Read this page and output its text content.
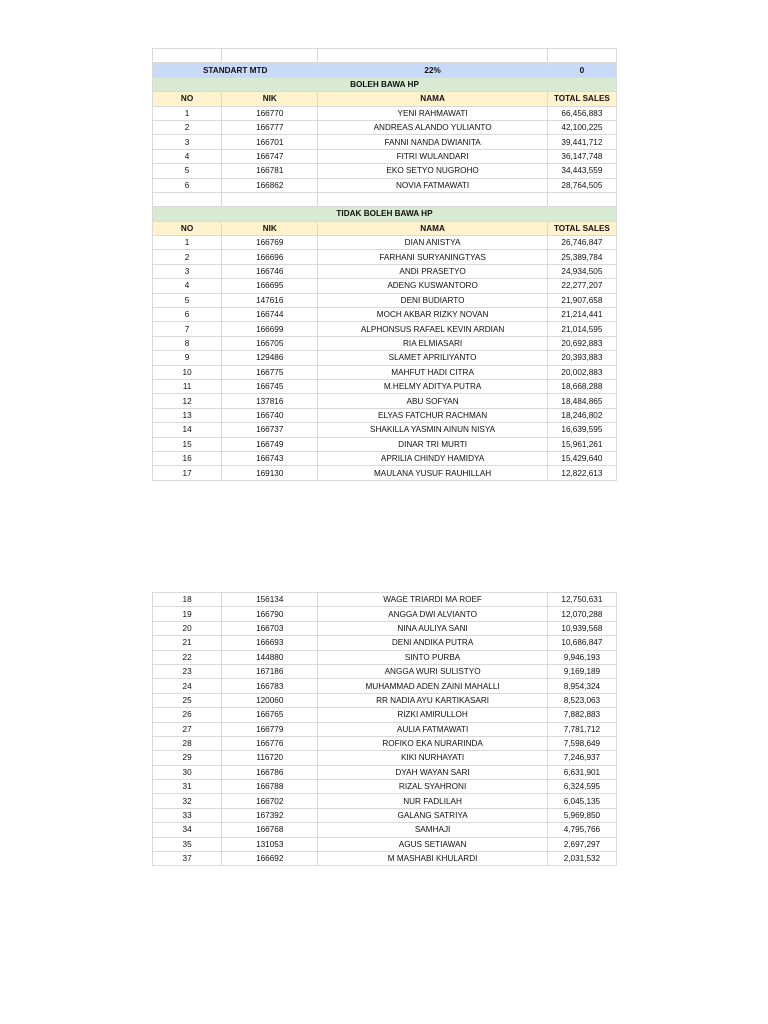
STANDART MTD		22%	0
BOLEH BAWA HP			
NO	NIK	NAMA	TOTAL SALES
1	166770	YENI RAHMAWATI	66,456,883
2	166777	ANDREAS ALANDO YULIANTO	42,100,225
3	166701	FANNI NANDA DWIANITA	39,441,712
4	166747	FITRI WULANDARI	36,147,748
5	166781	EKO SETYO NUGROHO	34,443,559
6	166862	NOVIA FATMAWATI	28,764,505

TIDAK BOLEH BAWA HP			
NO	NIK	NAMA	TOTAL SALES
1	166769	DIAN ANISTYA	26,746,847
2	166696	FARHANI SURYANINGTYAS	25,389,784
3	166746	ANDI PRASETYO	24,934,505
4	166695	ADENG KUSWANTORO	22,277,207
5	147616	DENI BUDIARTO	21,907,658
6	166744	MOCH AKBAR RIZKY NOVAN	21,214,441
7	166699	ALPHONSUS RAFAEL KEVIN ARDIAN	21,014,595
8	166705	RIA ELMIASARI	20,692,883
9	129486	SLAMET APRILIYANTO	20,393,883
10	166775	MAHFUT HADI CITRA	20,002,883
11	166745	M.HELMY ADITYA PUTRA	18,668,288
12	137816	ABU SOFYAN	18,484,865
13	166740	ELYAS FATCHUR RACHMAN	18,246,802
14	166737	SHAKILLA YASMIN AINUN NISYA	16,639,595
15	166749	DINAR TRI MURTI	15,961,261
16	166743	APRILIA CHINDY HAMIDYA	15,429,640
17	169130	MAULANA YUSUF RAUHILLAH	12,822,613
18	156134	WAGE TRIARDI MA ROEF	12,750,631
19	166790	ANGGA DWI ALVIANTO	12,070,288
20	166703	NINA AULIYA SANI	10,939,568
21	166693	DENI ANDIKA PUTRA	10,686,847
22	144880	SINTO PURBA	9,946,193
23	167186	ANGGA WURI SULISTYO	9,169,189
24	166783	MUHAMMAD ADEN ZAINI MAHALLI	8,954,324
25	120060	RR NADIA AYU KARTIKASARI	8,523,063
26	166765	RIZKI AMIRULLOH	7,882,883
27	166779	AULIA FATMAWATI	7,781,712
28	166776	ROFIKO EKA NURARINDA	7,598,649
29	116720	KIKI NURHAYATI	7,246,937
30	166786	DYAH WAYAN SARI	6,631,901
31	166788	RIZAL SYAHRONI	6,324,595
32	166702	NUR FADLILAH	6,045,135
33	167392	GALANG SATRIYA	5,969,850
34	166768	SAMHAJI	4,795,766
35	131053	AGUS SETIAWAN	2,697,297
37	166692	M MASHABI KHULARDI	2,031,532
